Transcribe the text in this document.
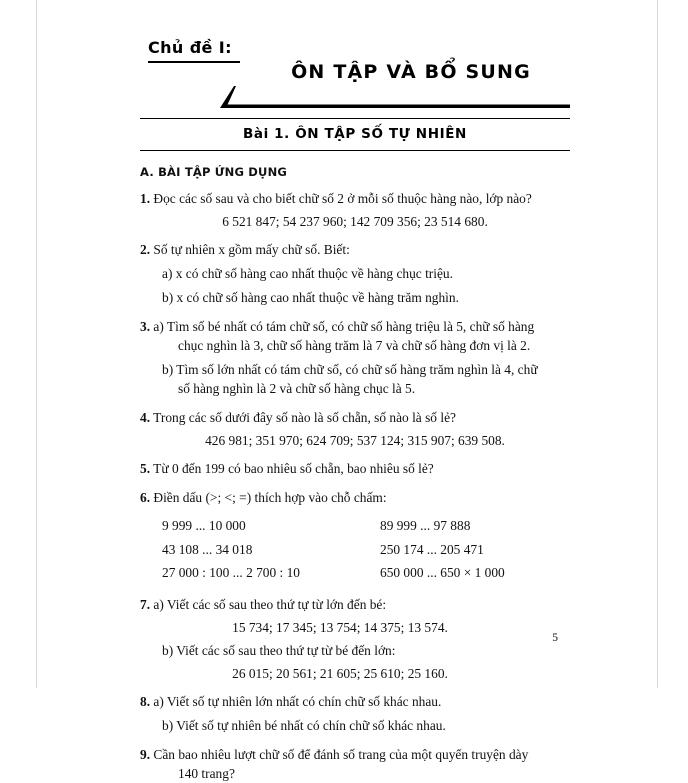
Chủ đề I:
ÔN TẬP VÀ BỔ SUNG
Bài 1. ÔN TẬP SỐ TỰ NHIÊN
A. BÀI TẬP ỨNG DỤNG
1. Đọc các số sau và cho biết chữ số 2 ở mỗi số thuộc hàng nào, lớp nào?
6 521 847; 54 237 960; 142 709 356; 23 514 680.
2. Số tự nhiên x gồm mấy chữ số. Biết:
a) x có chữ số hàng cao nhất thuộc về hàng chục triệu.
b) x có chữ số hàng cao nhất thuộc về hàng trăm nghìn.
3. a) Tìm số bé nhất có tám chữ số, có chữ số hàng triệu là 5, chữ số hàng
chục nghìn là 3, chữ số hàng trăm là 7 và chữ số hàng đơn vị là 2.
b) Tìm số lớn nhất có tám chữ số, có chữ số hàng trăm nghìn là 4, chữ
số hàng nghìn là 2 và chữ số hàng chục là 5.
4. Trong các số dưới đây số nào là số chẵn, số nào là số lẻ?
426 981; 351 970; 624 709; 537 124; 315 907; 639 508.
5. Từ 0 đến 199 có bao nhiêu số chẵn, bao nhiêu số lẻ?
6. Điền dấu (>; <; =) thích hợp vào chỗ chấm:
9 999 ... 10 000
43 108 ... 34 018
27 000 : 100 ... 2 700 : 10
89 999 ... 97 888
250 174 ... 205 471
650 000 ... 650 × 1 000
7. a) Viết các số sau theo thứ tự từ lớn đến bé:
15 734; 17 345; 13 754; 14 375; 13 574.
b) Viết các số sau theo thứ tự từ bé đến lớn:
26 015; 20 561; 21 605; 25 610; 25 160.
8. a) Viết số tự nhiên lớn nhất có chín chữ số khác nhau.
b) Viết số tự nhiên bé nhất có chín chữ số khác nhau.
9. Cần bao nhiêu lượt chữ số để đánh số trang của một quyển truyện dày
140 trang?
5
